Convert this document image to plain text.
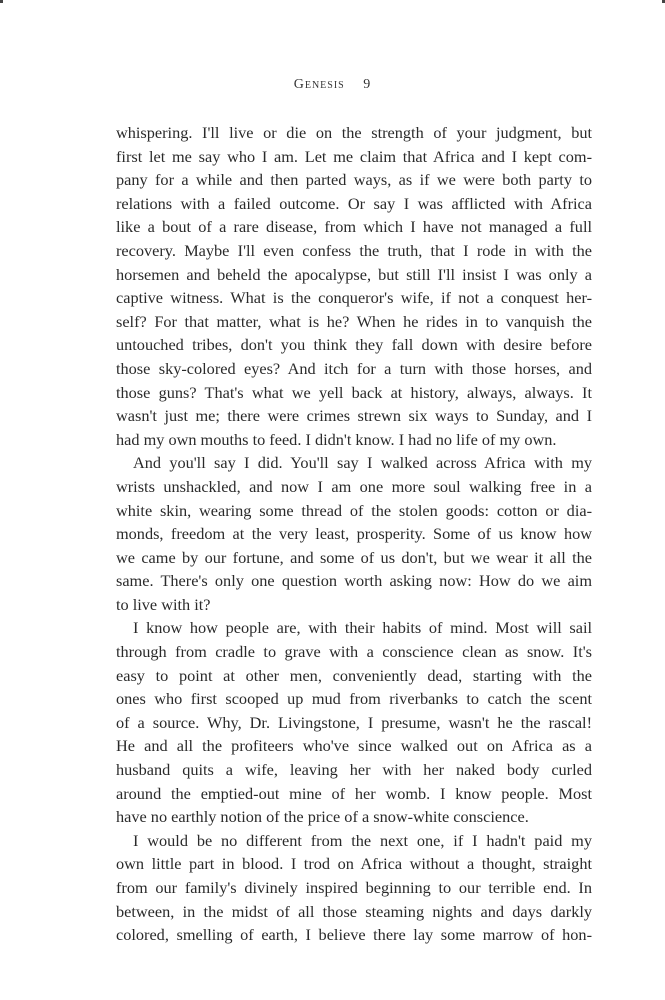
Genesis 9

whispering. I'll live or die on the strength of your judgment, but
first let me say who I am. Let me claim that Africa and I kept com-
pany for a while and then parted ways, as if we were both party to
relations with a failed outcome. Or say I was afflicted with Africa
like a bout of a rare disease, from which I have not managed a full
recovery. Maybe I'll even confess the truth, that I rode in with the
horsemen and beheld the apocalypse, but still I'll insist I was only a
captive witness. What is the conqueror's wife, if not a conquest her-
self? For that matter, what is he? When he rides in to vanquish the
untouched tribes, don't you think they fall down with desire before
those sky-colored eyes? And itch for a turn with those horses, and
those guns? That's what we yell back at history, always, always. It
wasn't just me; there were crimes strewn six ways to Sunday, and I
had my own mouths to feed. I didn't know. I had no life of my own.

And you'll say I did. You'll say I walked across Africa with my
wrists unshackled, and now I am one more soul walking free in a
white skin, wearing some thread of the stolen goods: cotton or dia-
monds, freedom at the very least, prosperity. Some of us know how
we came by our fortune, and some of us don't, but we wear it all the
same. There's only one question worth asking now: How do we aim
to live with it?

I know how people are, with their habits of mind. Most will sail
through from cradle to grave with a conscience clean as snow. It's
easy to point at other men, conveniently dead, starting with the
ones who first scooped up mud from riverbanks to catch the scent
of a source. Why, Dr. Livingstone, I presume, wasn't he the rascal!
He and all the profiteers who've since walked out on Africa as a
husband quits a wife, leaving her with her naked body curled
around the emptied-out mine of her womb. I know people. Most
have no earthly notion of the price of a snow-white conscience.

I would be no different from the next one, if I hadn't paid my
own little part in blood. I trod on Africa without a thought, straight
from our family's divinely inspired beginning to our terrible end. In
between, in the midst of all those steaming nights and days darkly
colored, smelling of earth, I believe there lay some marrow of hon-
